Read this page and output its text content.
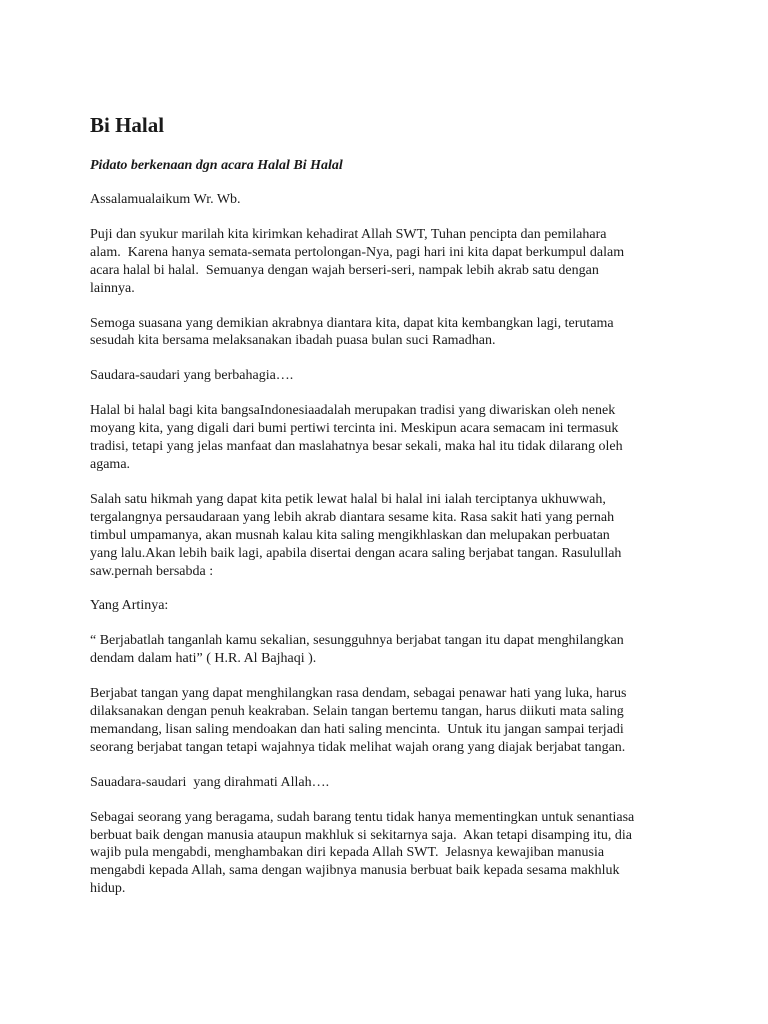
Bi Halal
Pidato berkenaan dgn acara Halal Bi Halal
Assalamualaikum Wr. Wb.
Puji dan syukur marilah kita kirimkan kehadirat Allah SWT, Tuhan pencipta dan pemilahara
alam.  Karena hanya semata-semata pertolongan-Nya, pagi hari ini kita dapat berkumpul dalam
acara halal bi halal.  Semuanya dengan wajah berseri-seri, nampak lebih akrab satu dengan
lainnya.
Semoga suasana yang demikian akrabnya diantara kita, dapat kita kembangkan lagi, terutama
sesudah kita bersama melaksanakan ibadah puasa bulan suci Ramadhan.
Saudara-saudari yang berbahagia….
Halal bi halal bagi kita bangsaIndonesiaadalah merupakan tradisi yang diwariskan oleh nenek
moyang kita, yang digali dari bumi pertiwi tercinta ini. Meskipun acara semacam ini termasuk
tradisi, tetapi yang jelas manfaat dan maslahatnya besar sekali, maka hal itu tidak dilarang oleh
agama.
Salah satu hikmah yang dapat kita petik lewat halal bi halal ini ialah terciptanya ukhuwwah,
tergalangnya persaudaraan yang lebih akrab diantara sesame kita. Rasa sakit hati yang pernah
timbul umpamanya, akan musnah kalau kita saling mengikhlaskan dan melupakan perbuatan
yang lalu.Akan lebih baik lagi, apabila disertai dengan acara saling berjabat tangan. Rasulullah
saw.pernah bersabda :
Yang Artinya:
“ Berjabatlah tanganlah kamu sekalian, sesungguhnya berjabat tangan itu dapat menghilangkan
dendam dalam hati” ( H.R. Al Bajhaqi ).
Berjabat tangan yang dapat menghilangkan rasa dendam, sebagai penawar hati yang luka, harus
dilaksanakan dengan penuh keakraban. Selain tangan bertemu tangan, harus diikuti mata saling
memandang, lisan saling mendoakan dan hati saling mencinta.  Untuk itu jangan sampai terjadi
seorang berjabat tangan tetapi wajahnya tidak melihat wajah orang yang diajak berjabat tangan.
Sauadara-saudari  yang dirahmati Allah….
Sebagai seorang yang beragama, sudah barang tentu tidak hanya mementingkan untuk senantiasa
berbuat baik dengan manusia ataupun makhluk si sekitarnya saja.  Akan tetapi disamping itu, dia
wajib pula mengabdi, menghambakan diri kepada Allah SWT.  Jelasnya kewajiban manusia
mengabdi kepada Allah, sama dengan wajibnya manusia berbuat baik kepada sesama makhluk
hidup.
